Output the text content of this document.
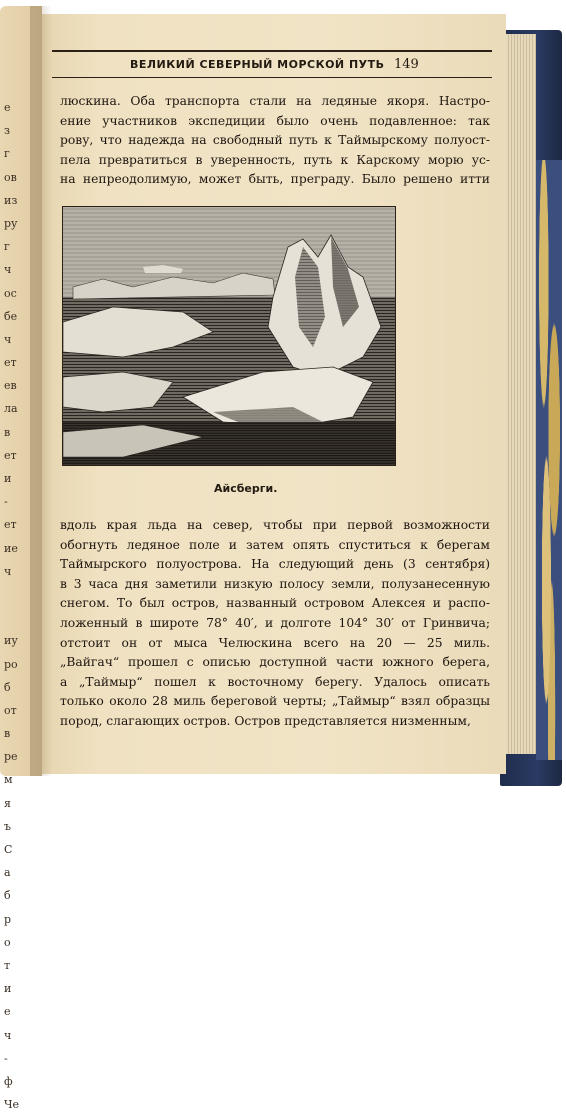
е
з
г
ов
из
ру
г
ч
ос
бе
ч
ет
ев
ла
в
ет
и
-
ет
ие
ч
иу
ро
б
от
в
ре
м
я
ъ
С
а
б
р
о
т
и
е
ч
-
ф
Че
ВЕЛИКИЙ СЕВЕРНЫЙ МОРСКОЙ ПУТЬ 149
люскина. Оба транспорта стали на ледяные якоря. Настро-
ение участников экспедиции было очень подавленное: так
рову, что надежда на свободный путь к Таймырскому полуост-
пела превратиться в уверенность, путь к Карскому морю ус-
на непреодолимую, может быть, преграду. Было решено итти
Айсберги.
вдоль края льда на север, чтобы при первой возможности
обогнуть ледяное поле и затем опять спуститься к берегам
Таймырского полуострова. На следующий день (3 сентября)
в 3 часа дня заметили низкую полосу земли, полузанесенную
снегом. То был остров, названный островом Алексея и распо-
ложенный в широте 78° 40′, и долготе 104° 30′ от Гринвича;
отстоит он от мыса Челюскина всего на 20 — 25 миль.
„Вайгач“ прошел с описью доступной части южного берега,
а „Таймыр“ пошел к восточному берегу. Удалось описать
только около 28 миль береговой черты; „Таймыр“ взял образцы
пород, слагающих остров. Остров представляется низменным,
